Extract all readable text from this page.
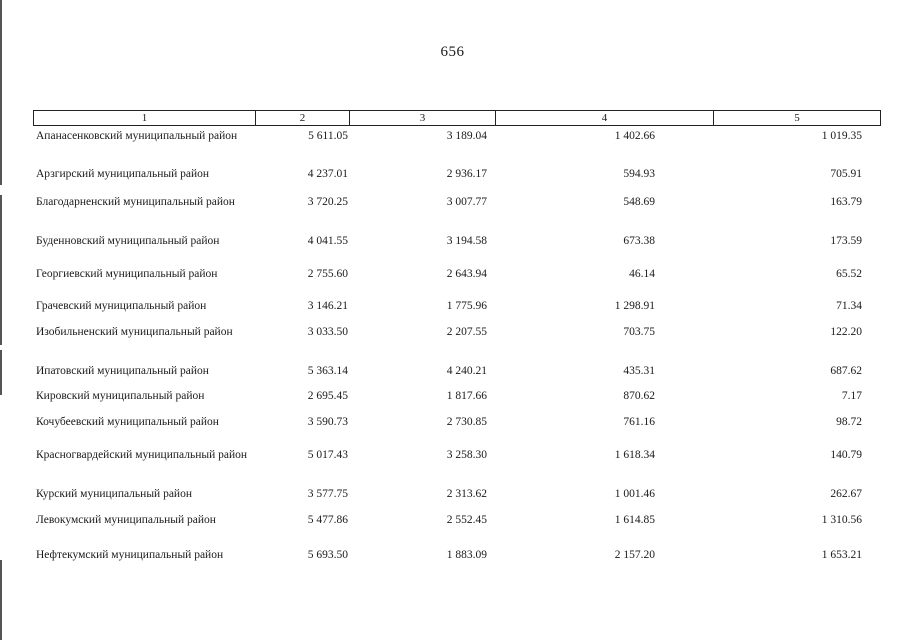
656
1	2	3	4	5
Апанасенковский муниципальный район	5 611.05	3 189.04	1 402.66	1 019.35
Арзгирский муниципальный район	4 237.01	2 936.17	594.93	705.91
Благодарненский муниципальный район	3 720.25	3 007.77	548.69	163.79
Буденновский муниципальный район	4 041.55	3 194.58	673.38	173.59
Георгиевский муниципальный район	2 755.60	2 643.94	46.14	65.52
Грачевский муниципальный район	3 146.21	1 775.96	1 298.91	71.34
Изобильненский муниципальный район	3 033.50	2 207.55	703.75	122.20
Ипатовский муниципальный район	5 363.14	4 240.21	435.31	687.62
Кировский муниципальный район	2 695.45	1 817.66	870.62	7.17
Кочубеевский муниципальный район	3 590.73	2 730.85	761.16	98.72
Красногвардейский муниципальный район	5 017.43	3 258.30	1 618.34	140.79
Курский муниципальный район	3 577.75	2 313.62	1 001.46	262.67
Левокумский муниципальный район	5 477.86	2 552.45	1 614.85	1 310.56
Нефтекумский муниципальный район	5 693.50	1 883.09	2 157.20	1 653.21
